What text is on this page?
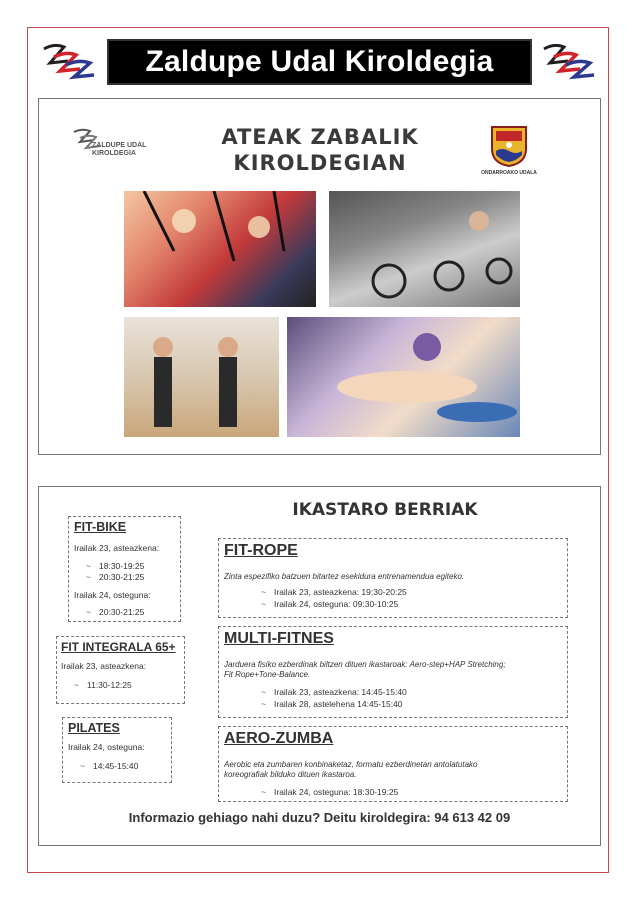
Zaldupe Udal Kiroldegia
ZALDUPE UDAL
KIROLDEGIA
ATEAK ZABALIK
KIROLDEGIAN	ONDARROAKO UDALA
IKASTARO BERRIAK
FIT-BIKE
Irailak 23, asteazkena:
~ 18:30-19:25
~ 20:30-21:25
Irailak 24, osteguna:
~ 20:30-21:25
FIT INTEGRALA 65+
Irailak 23, asteazkena:
~ 11:30-12:25
PILATES
Irailak 24, osteguna:
~ 14:45-15:40
FIT-ROPE
Zinta espezifiko batzuen bitartez esekidura entrenamendua egiteko.
~ Irailak 23, asteazkena: 19:30-20:25
~ Irailak 24, osteguna: 09:30-10:25
MULTI-FITNES
Jarduera fisiko ezberdinak biltzen dituen ikastaroak: Aero-step+HAP Stretching;
Fit Rope+Tone-Balance.
~ Irailak 23, asteazkena: 14:45-15:40
~ Irailak 28, astelehena 14:45-15:40
AERO-ZUMBA
Aerobic eta zumbaren konbinaketaz, formatu ezberdinetan antolatutako
koreografiak bilduko dituen ikastaroa.
~ Irailak 24, osteguna: 18:30-19:25
Informazio gehiago nahi duzu? Deitu kiroldegira: 94 613 42 09
